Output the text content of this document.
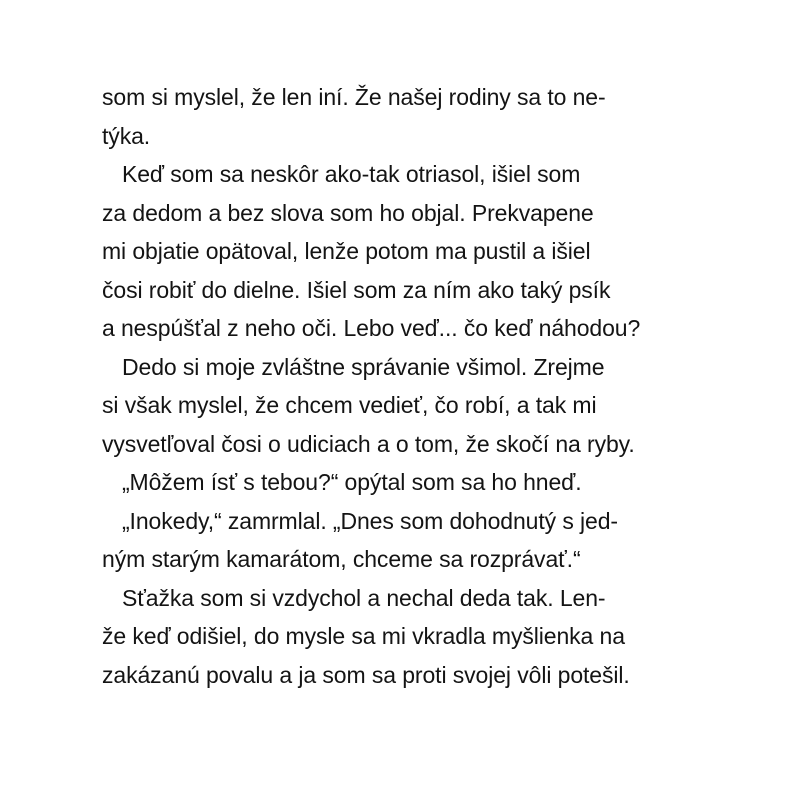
som si myslel, že len iní. Že našej rodiny sa to ne-
týka.
Keď som sa neskôr ako-tak otriasol, išiel som
za dedom a bez slova som ho objal. Prekvapene
mi objatie opätoval, lenže potom ma pustil a išiel
čosi robiť do dielne. Išiel som za ním ako taký psík
a nespúšťal z neho oči. Lebo veď... čo keď náhodou?
Dedo si moje zvláštne správanie všimol. Zrejme
si však myslel, že chcem vedieť, čo robí, a tak mi
vysvetľoval čosi o udiciach a o tom, že skočí na ryby.
„Môžem ísť s tebou?“ opýtal som sa ho hneď.
„Inokedy,“ zamrmlal. „Dnes som dohodnutý s jed-
ným starým kamarátom, chceme sa rozprávať.“
Sťažka som si vzdychol a nechal deda tak. Len-
že keď odišiel, do mysle sa mi vkradla myšlienka na
zakázanú povalu a ja som sa proti svojej vôli potešil.
